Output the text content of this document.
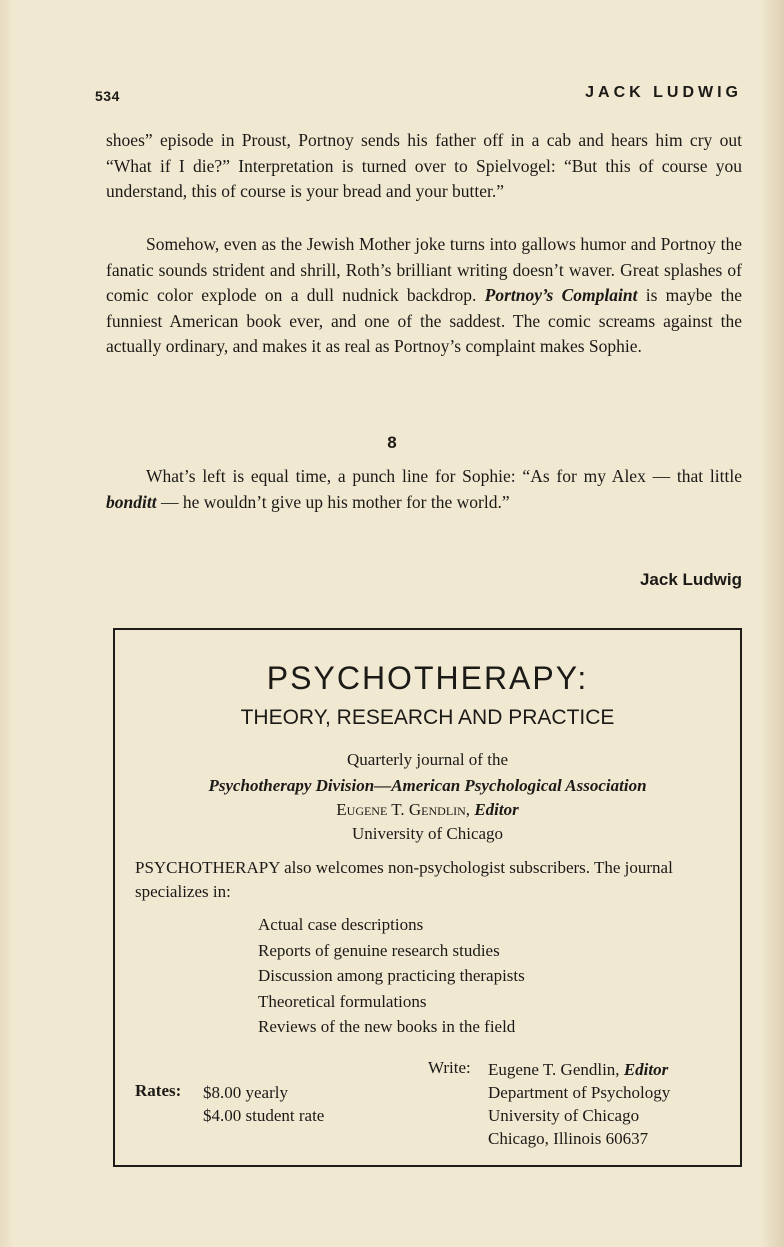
534	JACK LUDWIG
shoes” episode in Proust, Portnoy sends his father off in a cab and hears him cry out “What if I die?” Interpretation is turned over to Spielvogel: “But this of course you understand, this of course is your bread and your butter.”
Somehow, even as the Jewish Mother joke turns into gallows humor and Portnoy the fanatic sounds strident and shrill, Roth’s brilliant writing doesn’t waver. Great splashes of comic color explode on a dull nudnick backdrop. Portnoy’s Complaint is maybe the funniest American book ever, and one of the saddest. The comic screams against the actually ordinary, and makes it as real as Portnoy’s complaint makes Sophie.
8
What’s left is equal time, a punch line for Sophie: “As for my Alex — that little bonditt — he wouldn’t give up his mother for the world.”
Jack Ludwig
PSYCHOTHERAPY:
THEORY, RESEARCH AND PRACTICE
Quarterly journal of the
Psychotherapy Division—American Psychological Association
Eugene T. Gendlin, Editor
University of Chicago
PSYCHOTHERAPY also welcomes non-psychologist subscribers. The journal specializes in:
Actual case descriptions
Reports of genuine research studies
Discussion among practicing therapists
Theoretical formulations
Reviews of the new books in the field
Write: Eugene T. Gendlin, Editor
Department of Psychology
University of Chicago
Chicago, Illinois 60637
Rates: $8.00 yearly
$4.00 student rate
